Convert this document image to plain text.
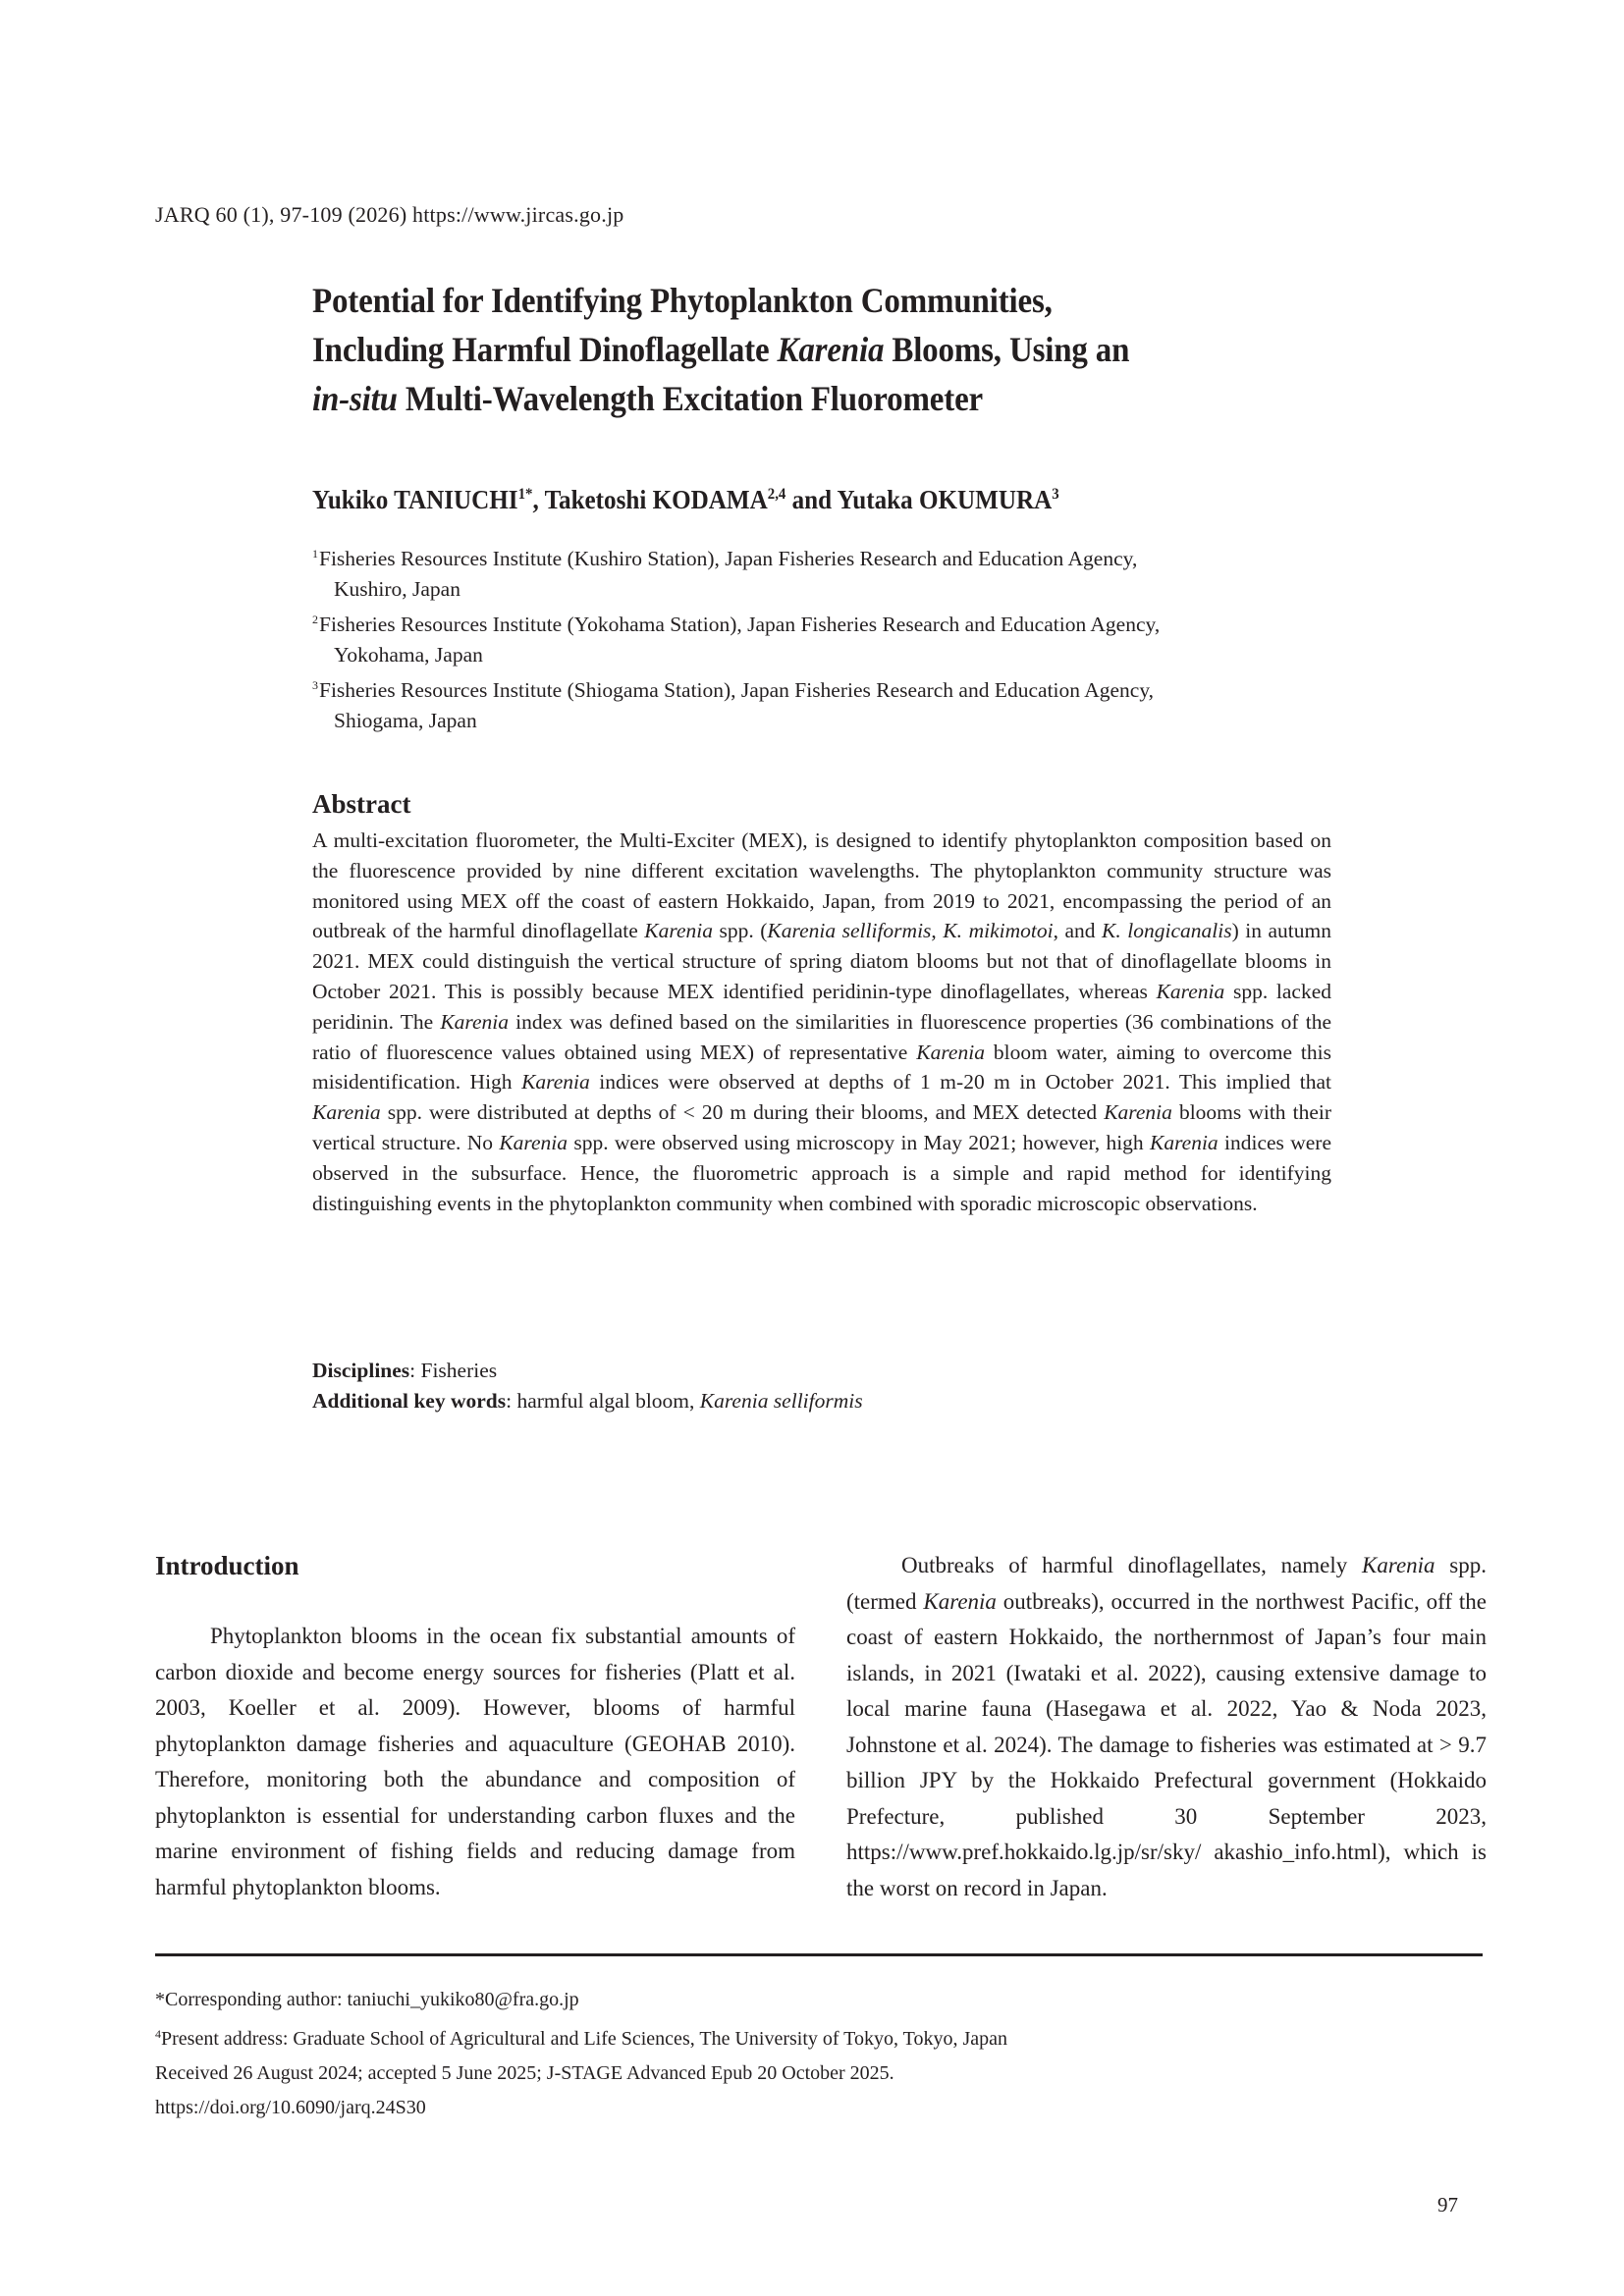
JARQ 60 (1), 97-109 (2026) https://www.jircas.go.jp
Potential for Identifying Phytoplankton Communities,
Including Harmful Dinoflagellate Karenia Blooms, Using an
in-situ Multi-Wavelength Excitation Fluorometer
Yukiko $TANIUCHI^{1*}$, Taketoshi KODAMA$^{2,4}$ and Yutaka OKUMURA$^3$
$^1$Fisheries Resources Institute (Kushiro Station), Japan Fisheries Research and Education Agency,
Kushiro, Japan
$^2$Fisheries Resources Institute (Yokohama Station), Japan Fisheries Research and Education Agency,
Yokohama, Japan
$^3$Fisheries Resources Institute (Shiogama Station), Japan Fisheries Research and Education Agency,
Shiogama, Japan
Abstract
A multi-excitation fluorometer, the Multi-Exciter (MEX), is designed to identify phytoplankton composition based on the fluorescence provided by nine different excitation wavelengths. The phytoplankton community structure was monitored using MEX off the coast of eastern Hokkaido, Japan, from 2019 to 2021, encompassing the period of an outbreak of the harmful dinoflagellate Karenia spp. (Karenia selliformis, K. mikimotoi, and K. longicanalis) in autumn 2021. MEX could distinguish the vertical structure of spring diatom blooms but not that of dinoflagellate blooms in October 2021. This is possibly because MEX identified peridinin-type dinoflagellates, whereas Karenia spp. lacked peridinin. The Karenia index was defined based on the similarities in fluorescence properties (36 combinations of the ratio of fluorescence values obtained using MEX) of representative Karenia bloom water, aiming to overcome this misidentification. High Karenia indices were observed at depths of 1 m-20 m in October 2021. This implied that Karenia spp. were distributed at depths of < 20 m during their blooms, and MEX detected Karenia blooms with their vertical structure. No Karenia spp. were observed using microscopy in May 2021; however, high Karenia indices were observed in the subsurface. Hence, the fluorometric approach is a simple and rapid method for identifying distinguishing events in the phytoplankton community when combined with sporadic microscopic observations.
Disciplines: Fisheries
Additional key words: harmful algal bloom, Karenia selliformis
Introduction

Phytoplankton blooms in the ocean fix substantial amounts of carbon dioxide and become energy sources for fisheries (Platt et al. 2003, Koeller et al. 2009). However, blooms of harmful phytoplankton damage fisheries and aquaculture (GEOHAB 2010). Therefore, monitoring both the abundance and composition of phytoplankton is essential for understanding carbon fluxes and the marine environment of fishing fields and reducing damage from harmful phytoplankton blooms.

Outbreaks of harmful dinoflagellates, namely Karenia spp. (termed Karenia outbreaks), occurred in the northwest Pacific, off the coast of eastern Hokkaido, the northernmost of Japan’s four main islands, in 2021 (Iwataki et al. 2022), causing extensive damage to local marine fauna (Hasegawa et al. 2022, Yao & Noda 2023, Johnstone et al. 2024). The damage to fisheries was estimated at > 9.7 billion JPY by the Hokkaido Prefectural government (Hokkaido Prefecture, published 30 September 2023, https://www.pref.hokkaido.lg.jp/sr/sky/ akashio_info.html), which is the worst on record in Japan.

*Corresponding author: taniuchi_yukiko80@fra.go.jp
$^4$Present address: Graduate School of Agricultural and Life Sciences, The University of Tokyo, Tokyo, Japan
Received 26 August 2024; accepted 5 June 2025; J-STAGE Advanced Epub 20 October 2025.
https://doi.org/10.6090/jarq.24S30
97
